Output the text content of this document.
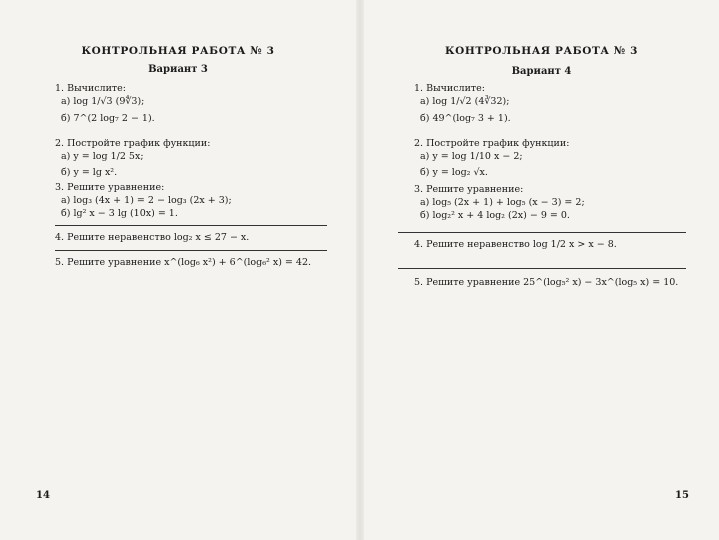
КОНТРОЛЬНАЯ РАБОТА № 3
Вариант 3
1. Вычислите:
а) log 1/√3 (9∜3);
б) 7^(2 log₇ 2 − 1).
2. Постройте график функции:
а) y = log 1/2 5x;
б) y = lg x².
3. Решите уравнение:
а) log₃ (4x + 1) = 2 − log₃ (2x + 3);
б) lg² x − 3 lg (10x) = 1.
4. Решите неравенство log₂ x ≤ 27 − x.
5. Решите уравнение x^(log₆ x²) + 6^(log₆² x) = 42.
14
КОНТРОЛЬНАЯ РАБОТА № 3
Вариант 4
1. Вычислите:
а) log 1/√2 (4∛32);
б) 49^(log₇ 3 + 1).
2. Постройте график функции:
а) y = log 1/10 x − 2;
б) y = log₂ √x.
3. Решите уравнение:
а) log₅ (2x + 1) + log₅ (x − 3) = 2;
б) log₂² x + 4 log₂ (2x) − 9 = 0.
4. Решите неравенство log 1/2 x > x − 8.
5. Решите уравнение 25^(log₅² x) − 3x^(log₅ x) = 10.
15
